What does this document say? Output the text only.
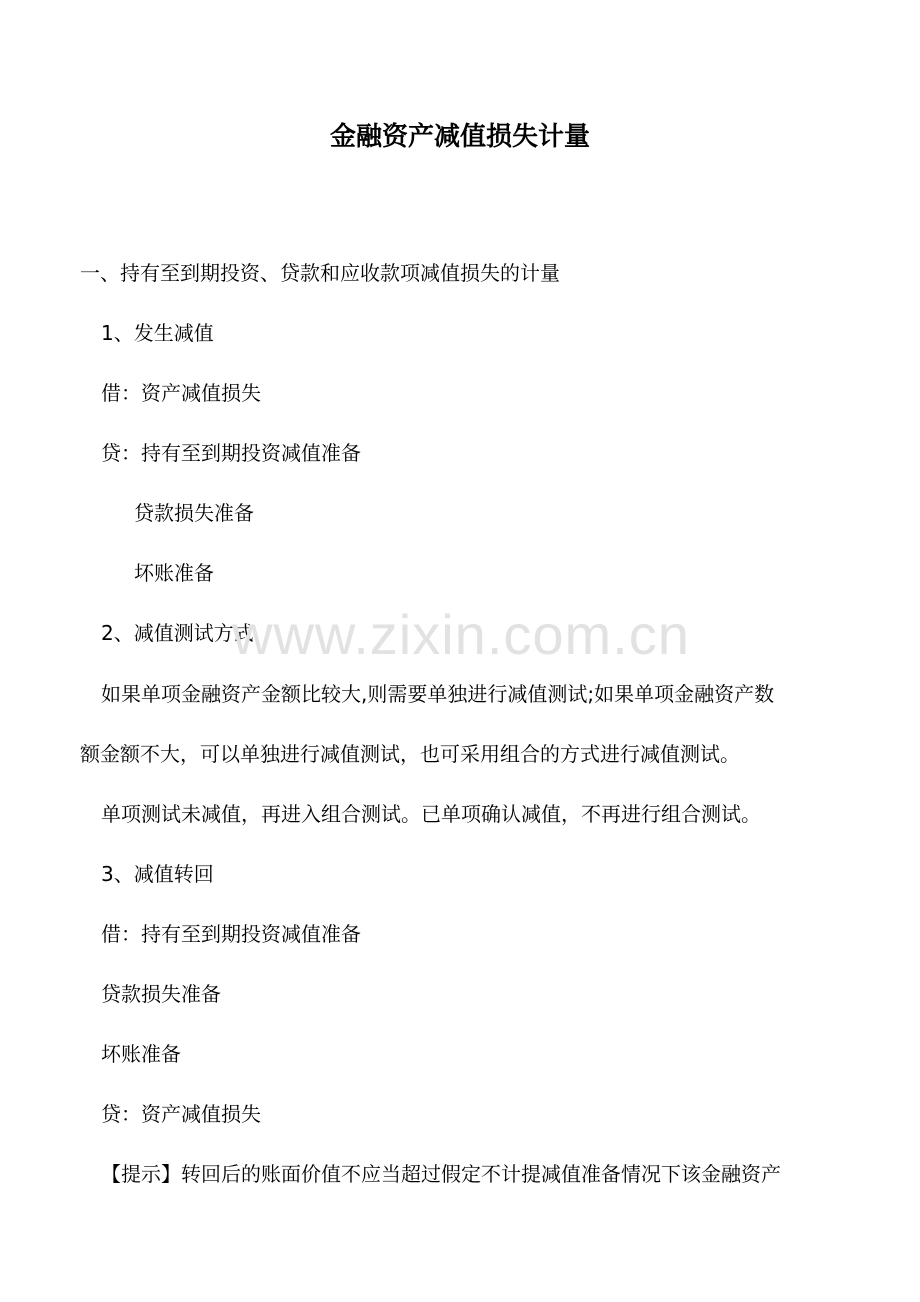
金融资产减值损失计量
一、持有至到期投资、贷款和应收款项减值损失的计量
1、发生减值
借：资产减值损失
贷：持有至到期投资减值准备
贷款损失准备
坏账准备
2、减值测试方式
如果单项金融资产金额比较大,则需要单独进行减值测试;如果单项金融资产数
额金额不大，可以单独进行减值测试，也可采用组合的方式进行减值测试。
单项测试未减值，再进入组合测试。已单项确认减值，不再进行组合测试。
3、减值转回
借：持有至到期投资减值准备
贷款损失准备
坏账准备
贷：资产减值损失
【提示】转回后的账面价值不应当超过假定不计提减值准备情况下该金融资产
www.zixin.com.cn
